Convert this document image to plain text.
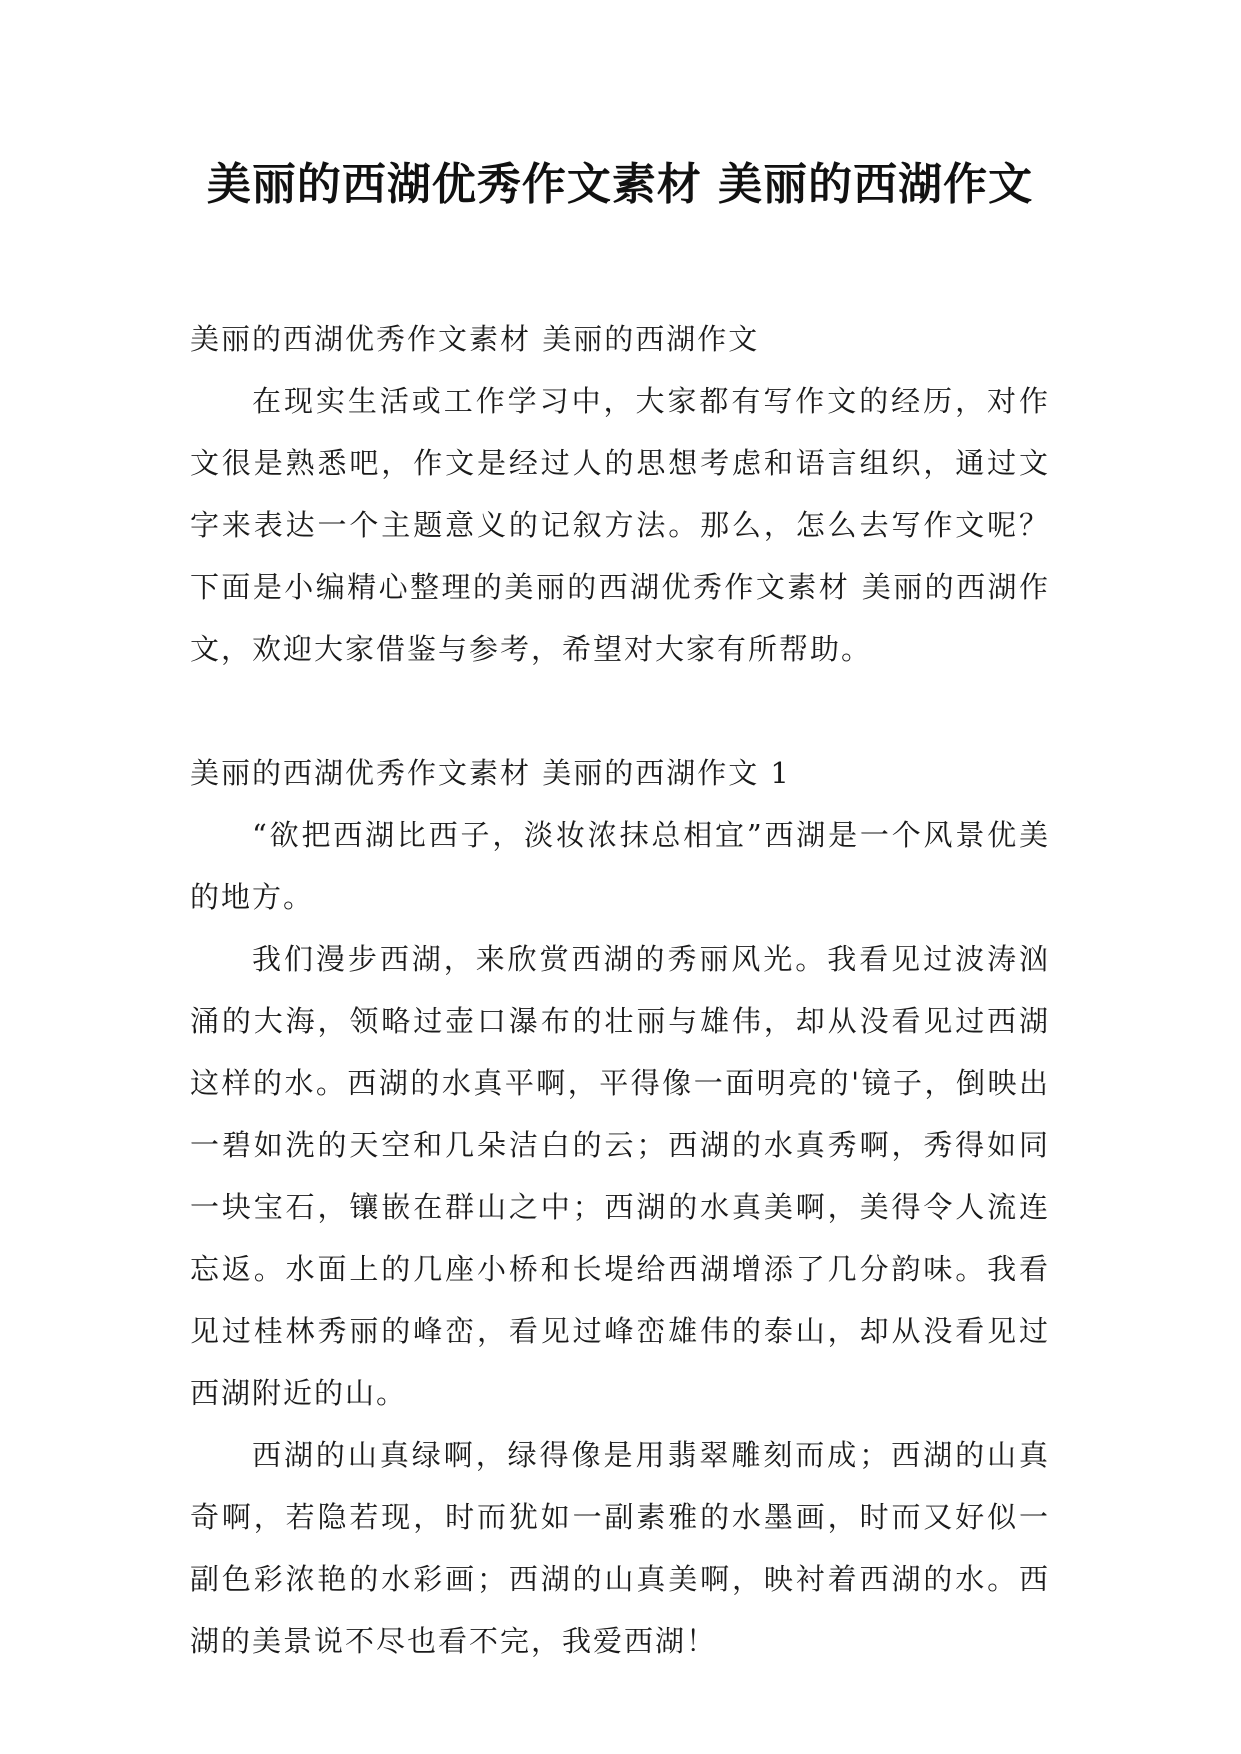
美丽的西湖优秀作文素材 美丽的西湖作文

美丽的西湖优秀作文素材 美丽的西湖作文

在现实生活或工作学习中，大家都有写作文的经历，对作文很是熟悉吧，作文是经过人的思想考虑和语言组织，通过文字来表达一个主题意义的记叙方法。那么，怎么去写作文呢？下面是小编精心整理的美丽的西湖优秀作文素材 美丽的西湖作文，欢迎大家借鉴与参考，希望对大家有所帮助。

美丽的西湖优秀作文素材 美丽的西湖作文 1

“欲把西湖比西子，淡妆浓抹总相宜”西湖是一个风景优美的地方。

我们漫步西湖，来欣赏西湖的秀丽风光。我看见过波涛汹涌的大海，领略过壶口瀑布的壮丽与雄伟，却从没看见过西湖这样的水。西湖的水真平啊，平得像一面明亮的'镜子，倒映出一碧如洗的天空和几朵洁白的云；西湖的水真秀啊，秀得如同一块宝石，镶嵌在群山之中；西湖的水真美啊，美得令人流连忘返。水面上的几座小桥和长堤给西湖增添了几分韵味。我看见过桂林秀丽的峰峦，看见过峰峦雄伟的泰山，却从没看见过西湖附近的山。

西湖的山真绿啊，绿得像是用翡翠雕刻而成；西湖的山真奇啊，若隐若现，时而犹如一副素雅的水墨画，时而又好似一副色彩浓艳的水彩画；西湖的山真美啊，映衬着西湖的水。西湖的美景说不尽也看不完，我爱西湖！
